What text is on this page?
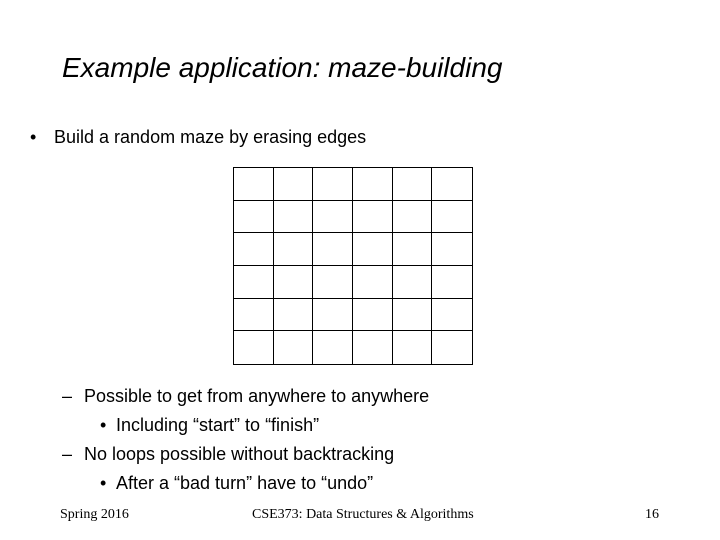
Example application: maze-building
• Build a random maze by erasing edges
– Possible to get from anywhere to anywhere
• Including “start” to “finish”
– No loops possible without backtracking
• After a “bad turn” have to “undo”
Spring 2016	CSE373: Data Structures & Algorithms	16
